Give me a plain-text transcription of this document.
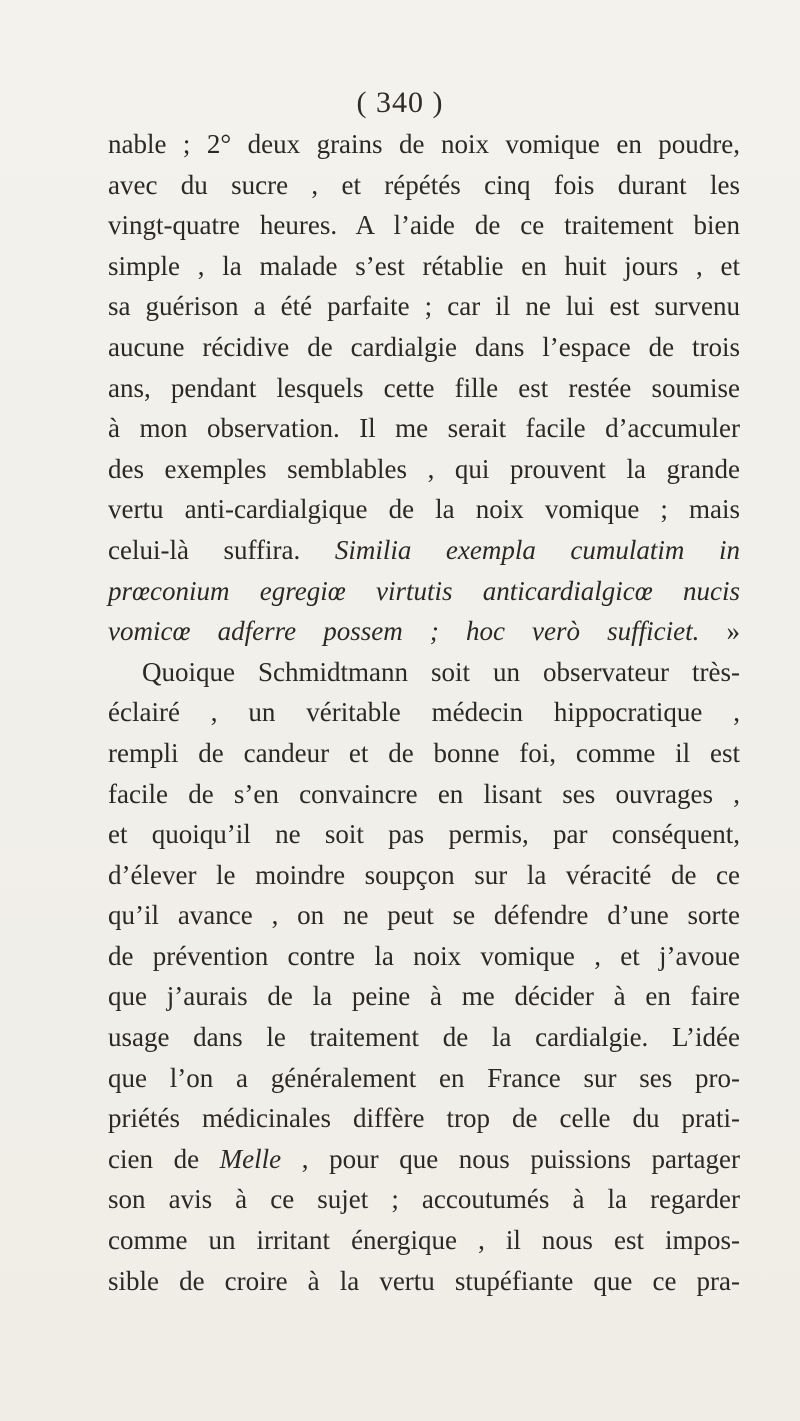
( 340 )
nable ; 2° deux grains de noix vomique en poudre,
avec du sucre , et répétés cinq fois durant les
vingt-quatre heures. A l’aide de ce traitement bien
simple , la malade s’est rétablie en huit jours , et
sa guérison a été parfaite ; car il ne lui est survenu
aucune récidive de cardialgie dans l’espace de trois
ans, pendant lesquels cette fille est restée soumise
à mon observation. Il me serait facile d’accumuler
des exemples semblables , qui prouvent la grande
vertu anti-cardialgique de la noix vomique ; mais
celui-là suffira. Similia exempla cumulatim in
prœconium egregiœ virtutis anticardialgicœ nucis
vomicœ adferre possem ; hoc verò sufficiet. »
Quoique Schmidtmann soit un observateur très-
éclairé , un véritable médecin hippocratique ,
rempli de candeur et de bonne foi, comme il est
facile de s’en convaincre en lisant ses ouvrages ,
et quoiqu’il ne soit pas permis, par conséquent,
d’élever le moindre soupçon sur la véracité de ce
qu’il avance , on ne peut se défendre d’une sorte
de prévention contre la noix vomique , et j’avoue
que j’aurais de la peine à me décider à en faire
usage dans le traitement de la cardialgie. L’idée
que l’on a généralement en France sur ses pro-
priétés médicinales diffère trop de celle du prati-
cien de Melle , pour que nous puissions partager
son avis à ce sujet ; accoutumés à la regarder
comme un irritant énergique , il nous est impos-
sible de croire à la vertu stupéfiante que ce pra-
